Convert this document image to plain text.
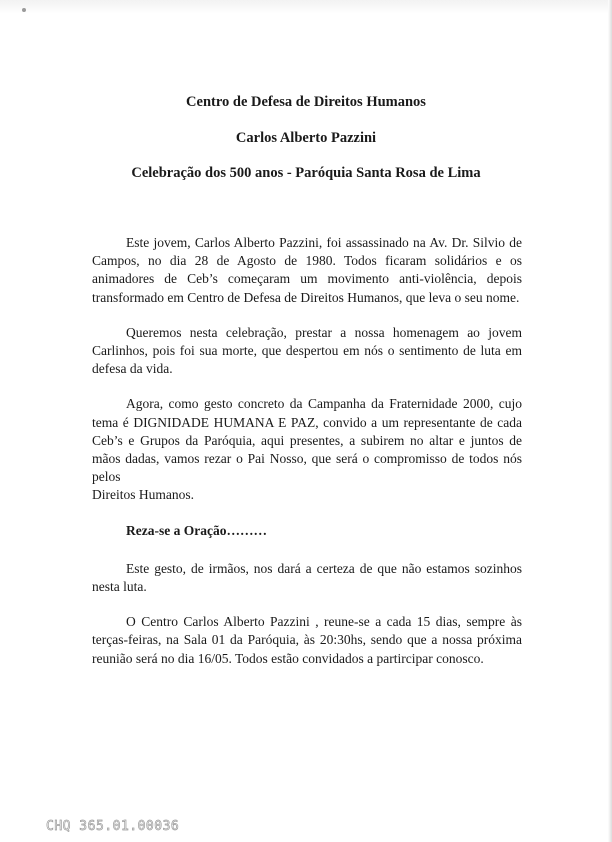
Centro de Defesa de Direitos Humanos
Carlos Alberto Pazzini
Celebração dos 500 anos - Paróquia Santa Rosa de Lima

Este jovem, Carlos Alberto Pazzini, foi assassinado na Av. Dr. Silvio de Campos, no dia 28 de Agosto de 1980. Todos ficaram solidários e os animadores de Ceb’s começaram um movimento anti-violência, depois transformado em Centro de Defesa de Direitos Humanos, que leva o seu nome.

Queremos nesta celebração, prestar a nossa homenagem ao jovem Carlinhos, pois foi sua morte, que despertou em nós o sentimento de luta em defesa da vida.

Agora, como gesto concreto da Campanha da Fraternidade 2000, cujo tema é DIGNIDADE HUMANA E PAZ, convido a um representante de cada Ceb’s e Grupos da Paróquia, aqui presentes, a subirem no altar e juntos de mãos dadas, vamos rezar o Pai Nosso, que será o compromisso de todos nós pelos
Direitos Humanos.

Reza-se a Oração………

Este gesto, de irmãos, nos dará a certeza de que não estamos sozinhos nesta luta.

O Centro Carlos Alberto Pazzini , reune-se a cada 15 dias, sempre às terças-feiras, na Sala 01 da Paróquia, às 20:30hs, sendo que a nossa próxima reunião será no dia 16/05. Todos estão convidados a partircipar conosco.

CHQ 365.01.00036
